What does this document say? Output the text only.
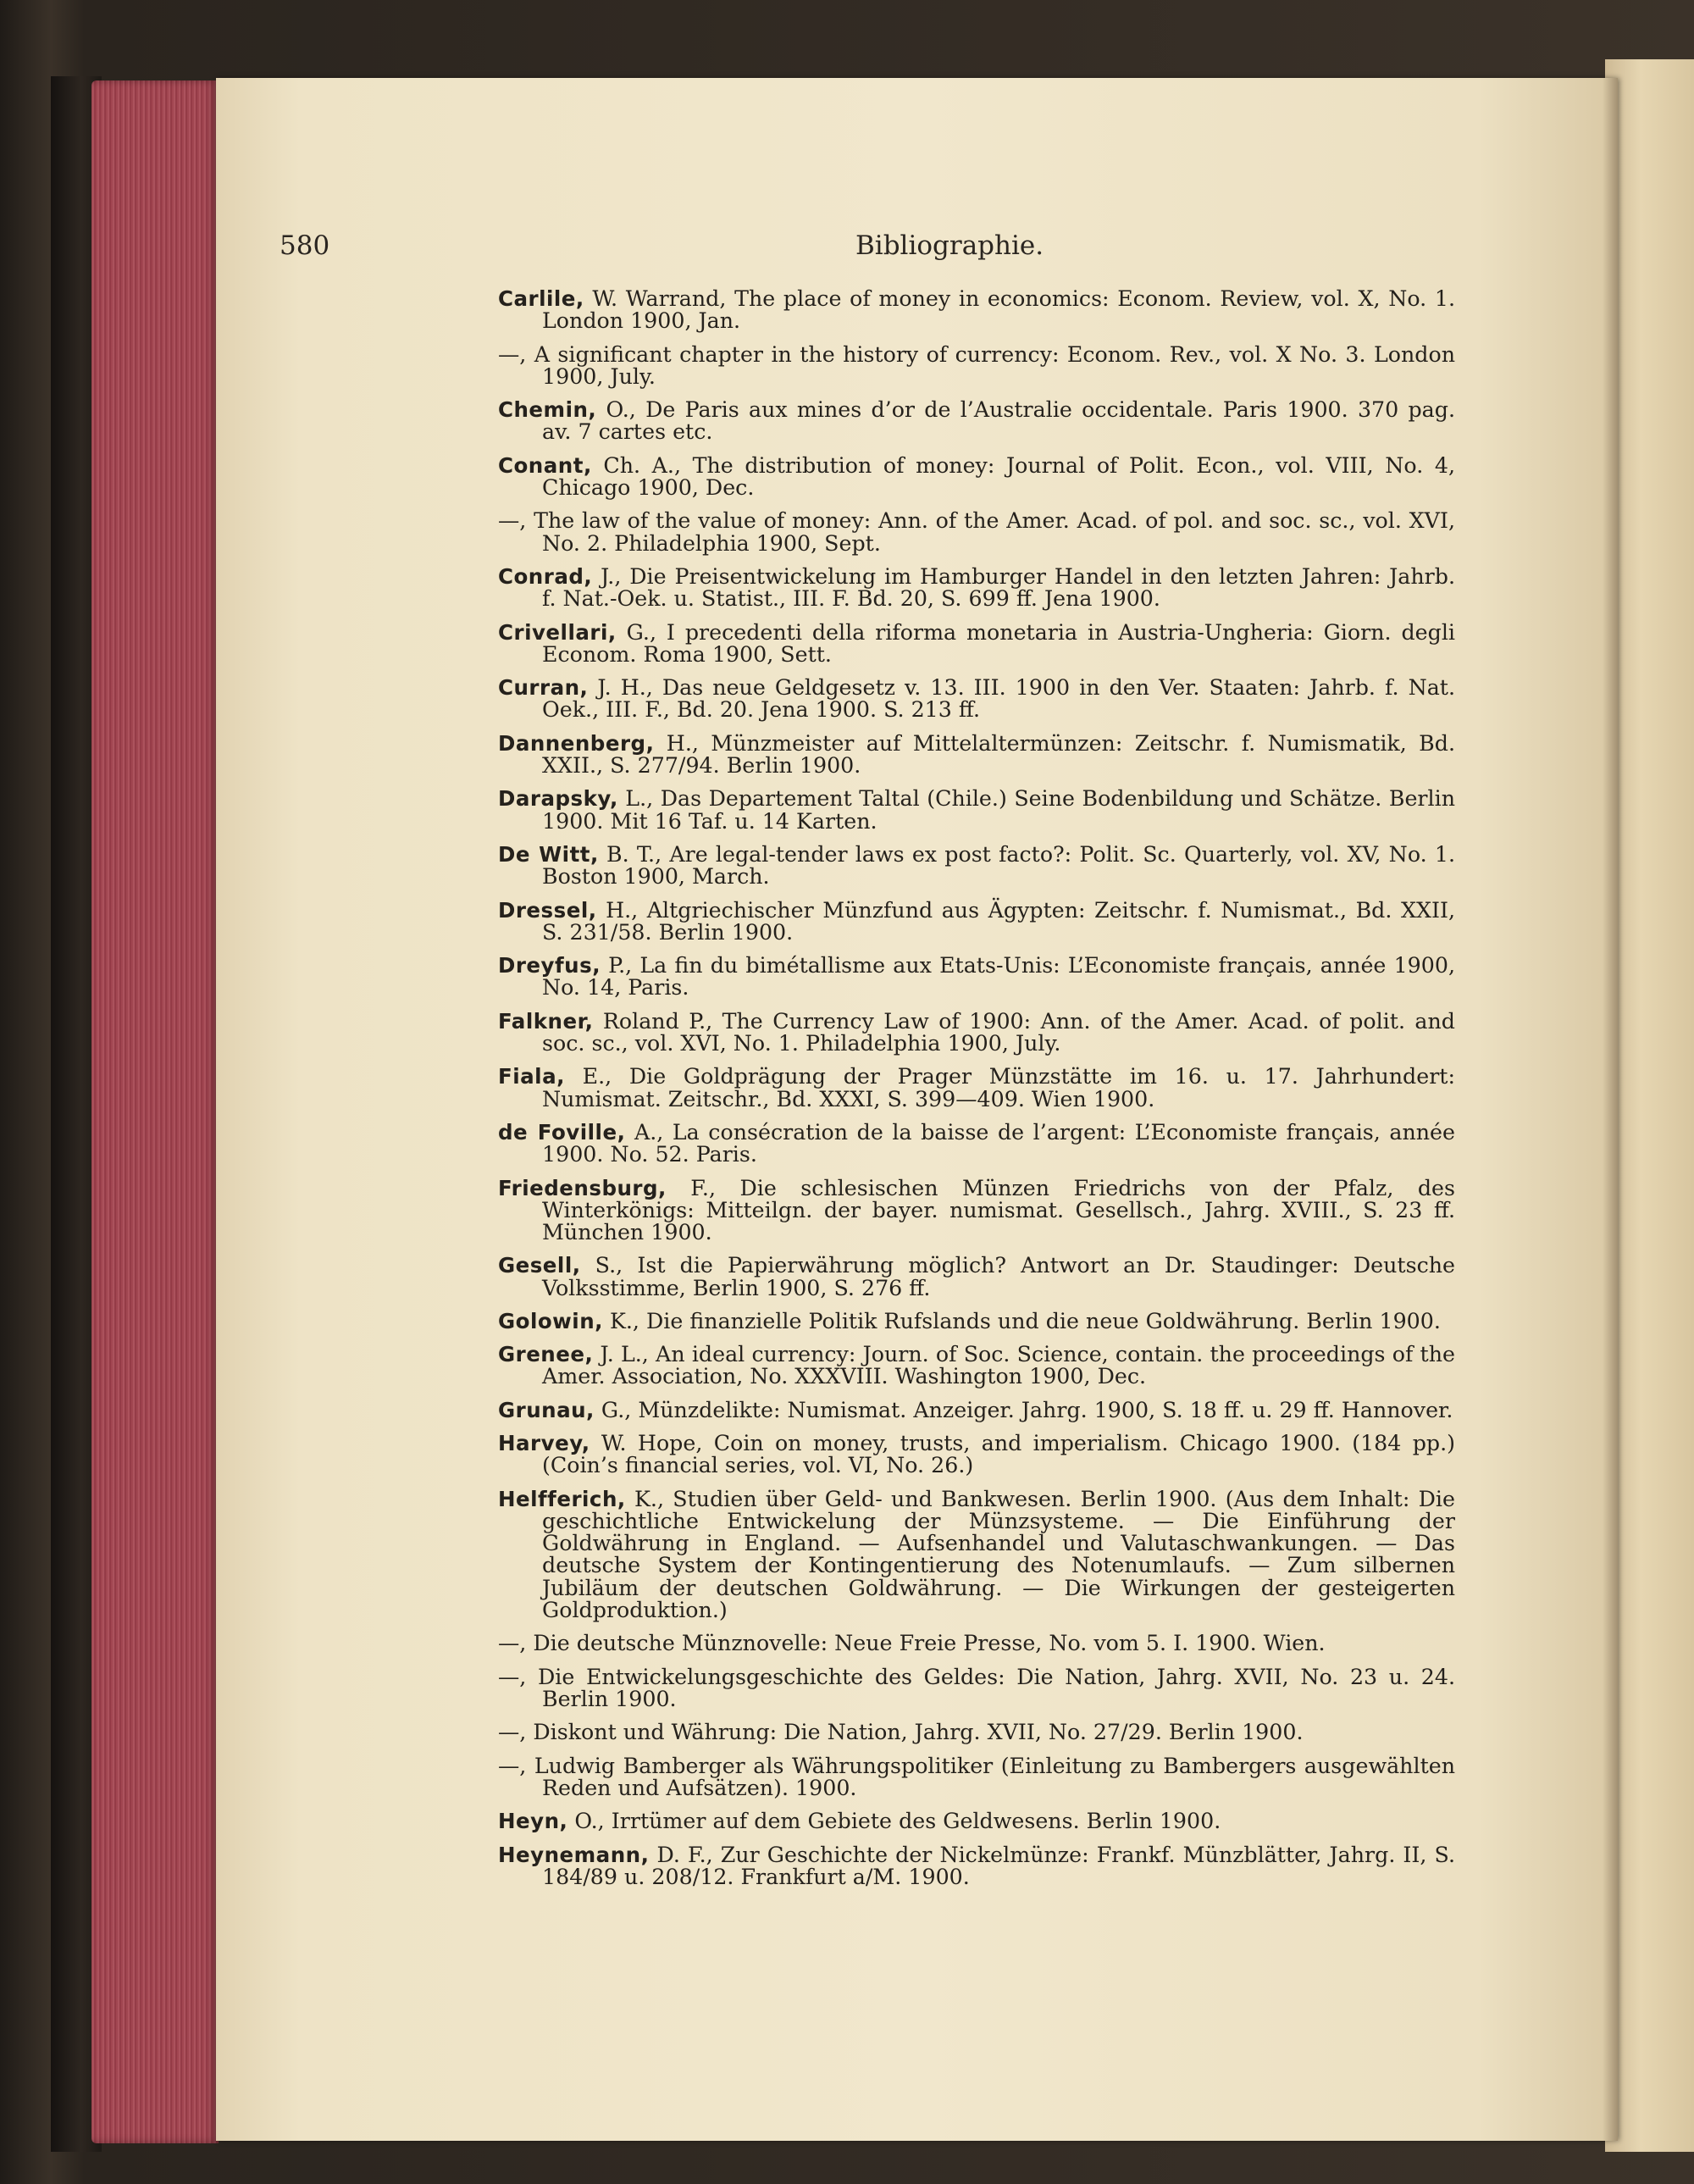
580	Bibliographie.
Carlile, W. Warrand, The place of money in economics: Econom. Review, vol. X, No. 1. London 1900, Jan.
—, A significant chapter in the history of currency: Econom. Rev., vol. X No. 3. London 1900, July.
Chemin, O., De Paris aux mines d’or de l’Australie occidentale. Paris 1900. 370 pag. av. 7 cartes etc.
Conant, Ch. A., The distribution of money: Journal of Polit. Econ., vol. VIII, No. 4, Chicago 1900, Dec.
—, The law of the value of money: Ann. of the Amer. Acad. of pol. and soc. sc., vol. XVI, No. 2. Philadelphia 1900, Sept.
Conrad, J., Die Preisentwickelung im Hamburger Handel in den letzten Jahren: Jahrb. f. Nat.-Oek. u. Statist., III. F. Bd. 20, S. 699 ff. Jena 1900.
Crivellari, G., I precedenti della riforma monetaria in Austria-Ungheria: Giorn. degli Econom. Roma 1900, Sett.
Curran, J. H., Das neue Geldgesetz v. 13. III. 1900 in den Ver. Staaten: Jahrb. f. Nat. Oek., III. F., Bd. 20. Jena 1900. S. 213 ff.
Dannenberg, H., Münzmeister auf Mittelaltermünzen: Zeitschr. f. Numismatik, Bd. XXII., S. 277/94. Berlin 1900.
Darapsky, L., Das Departement Taltal (Chile.) Seine Bodenbildung und Schätze. Berlin 1900. Mit 16 Taf. u. 14 Karten.
De Witt, B. T., Are legal-tender laws ex post facto?: Polit. Sc. Quarterly, vol. XV, No. 1. Boston 1900, March.
Dressel, H., Altgriechischer Münzfund aus Ägypten: Zeitschr. f. Numismat., Bd. XXII, S. 231/58. Berlin 1900.
Dreyfus, P., La fin du bimétallisme aux Etats-Unis: L’Economiste français, année 1900, No. 14, Paris.
Falkner, Roland P., The Currency Law of 1900: Ann. of the Amer. Acad. of polit. and soc. sc., vol. XVI, No. 1. Philadelphia 1900, July.
Fiala, E., Die Goldprägung der Prager Münzstätte im 16. u. 17. Jahrhundert: Numismat. Zeitschr., Bd. XXXI, S. 399—409. Wien 1900.
de Foville, A., La consécration de la baisse de l’argent: L’Economiste français, année 1900. No. 52. Paris.
Friedensburg, F., Die schlesischen Münzen Friedrichs von der Pfalz, des Winterkönigs: Mitteilgn. der bayer. numismat. Gesellsch., Jahrg. XVIII., S. 23 ff. München 1900.
Gesell, S., Ist die Papierwährung möglich? Antwort an Dr. Staudinger: Deutsche Volksstimme, Berlin 1900, S. 276 ff.
Golowin, K., Die finanzielle Politik Rufslands und die neue Goldwährung. Berlin 1900.
Grenee, J. L., An ideal currency: Journ. of Soc. Science, contain. the proceedings of the Amer. Association, No. XXXVIII. Washington 1900, Dec.
Grunau, G., Münzdelikte: Numismat. Anzeiger. Jahrg. 1900, S. 18 ff. u. 29 ff. Hannover.
Harvey, W. Hope, Coin on money, trusts, and imperialism. Chicago 1900. (184 pp.) (Coin’s financial series, vol. VI, No. 26.)
Helfferich, K., Studien über Geld- und Bankwesen. Berlin 1900. (Aus dem Inhalt: Die geschichtliche Entwickelung der Münzsysteme. — Die Einführung der Goldwährung in England. — Aufsenhandel und Valutaschwankungen. — Das deutsche System der Kontingentierung des Notenumlaufs. — Zum silbernen Jubiläum der deutschen Goldwährung. — Die Wirkungen der gesteigerten Goldproduktion.)
—, Die deutsche Münznovelle: Neue Freie Presse, No. vom 5. I. 1900. Wien.
—, Die Entwickelungsgeschichte des Geldes: Die Nation, Jahrg. XVII, No. 23 u. 24. Berlin 1900.
—, Diskont und Währung: Die Nation, Jahrg. XVII, No. 27/29. Berlin 1900.
—, Ludwig Bamberger als Währungspolitiker (Einleitung zu Bambergers ausgewählten Reden und Aufsätzen). 1900.
Heyn, O., Irrtümer auf dem Gebiete des Geldwesens. Berlin 1900.
Heynemann, D. F., Zur Geschichte der Nickelmünze: Frankf. Münzblätter, Jahrg. II, S. 184/89 u. 208/12. Frankfurt a/M. 1900.
